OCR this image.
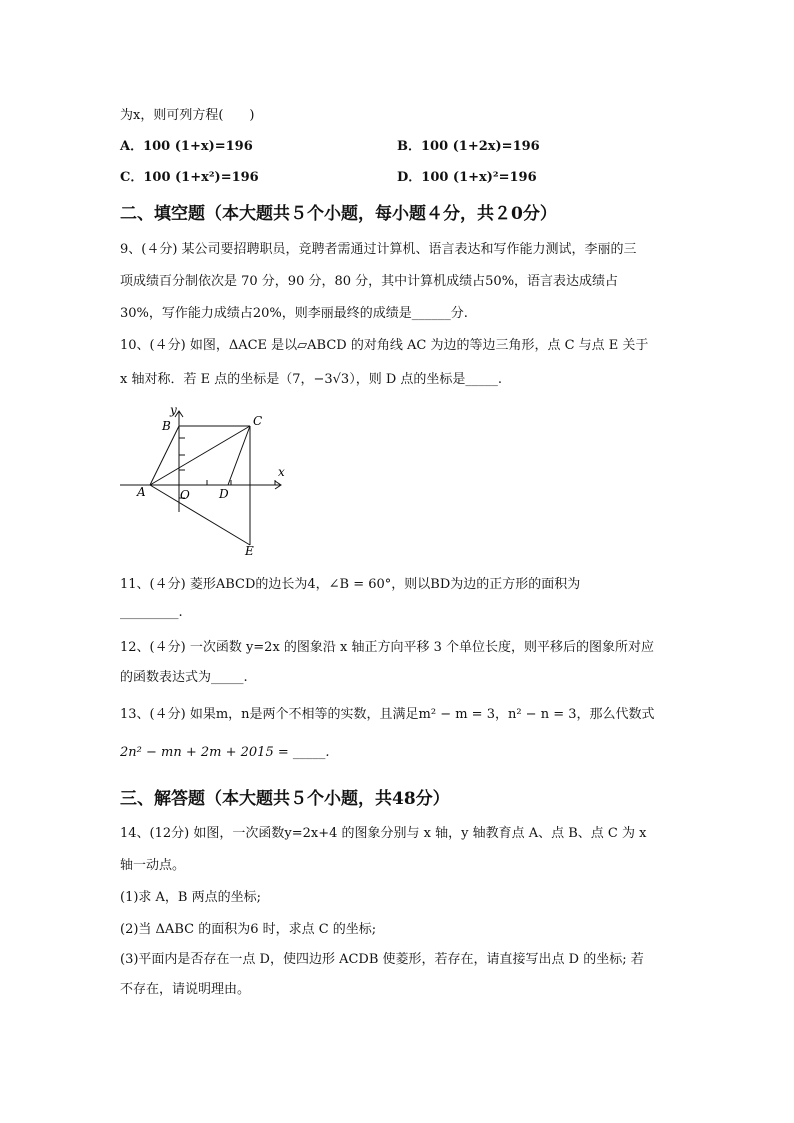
为x，则可列方程(　　)
A．100 (1+x)=196	B．100 (1+2x)=196
C．100 (1+x²)=196	D．100 (1+x)²=196
二、填空题（本大题共５个小题，每小题４分，共２0分）
9、(４分) 某公司要招聘职员，竞聘者需通过计算机、语言表达和写作能力测试，李丽的三
项成绩百分制依次是 70 分，90 分，80 分，其中计算机成绩占50%，语言表达成绩占
30%，写作能力成绩占20%，则李丽最终的成绩是______分.
10、(４分) 如图，ΔACE 是以▱ABCD 的对角线 AC 为边的等边三角形，点 C 与点 E 关于
x 轴对称．若 E 点的坐标是（7，−3√3），则 D 点的坐标是_____.
y
x
B	C
A	O D
E
11、(４分) 菱形ABCD的边长为4，∠B = 60°，则以BD为边的正方形的面积为
_________.
12、(４分) 一次函数 y=2x 的图象沿 x 轴正方向平移 3 个单位长度，则平移后的图象所对应
的函数表达式为_____.
13、(４分) 如果m，n是两个不相等的实数，且满足m² − m = 3，n² − n = 3，那么代数式
2n² − mn + 2m + 2015 = _____.
三、解答题（本大题共５个小题，共48分）
14、(12分) 如图，一次函数y=2x+4 的图象分别与 x 轴，y 轴教育点 A、点 B、点 C 为 x
轴一动点。
(1)求 A，B 两点的坐标;
(2)当 ΔABC 的面积为6 时，求点 C 的坐标;
(3)平面内是否存在一点 D，使四边形 ACDB 使菱形，若存在，请直接写出点 D 的坐标; 若
不存在，请说明理由。
